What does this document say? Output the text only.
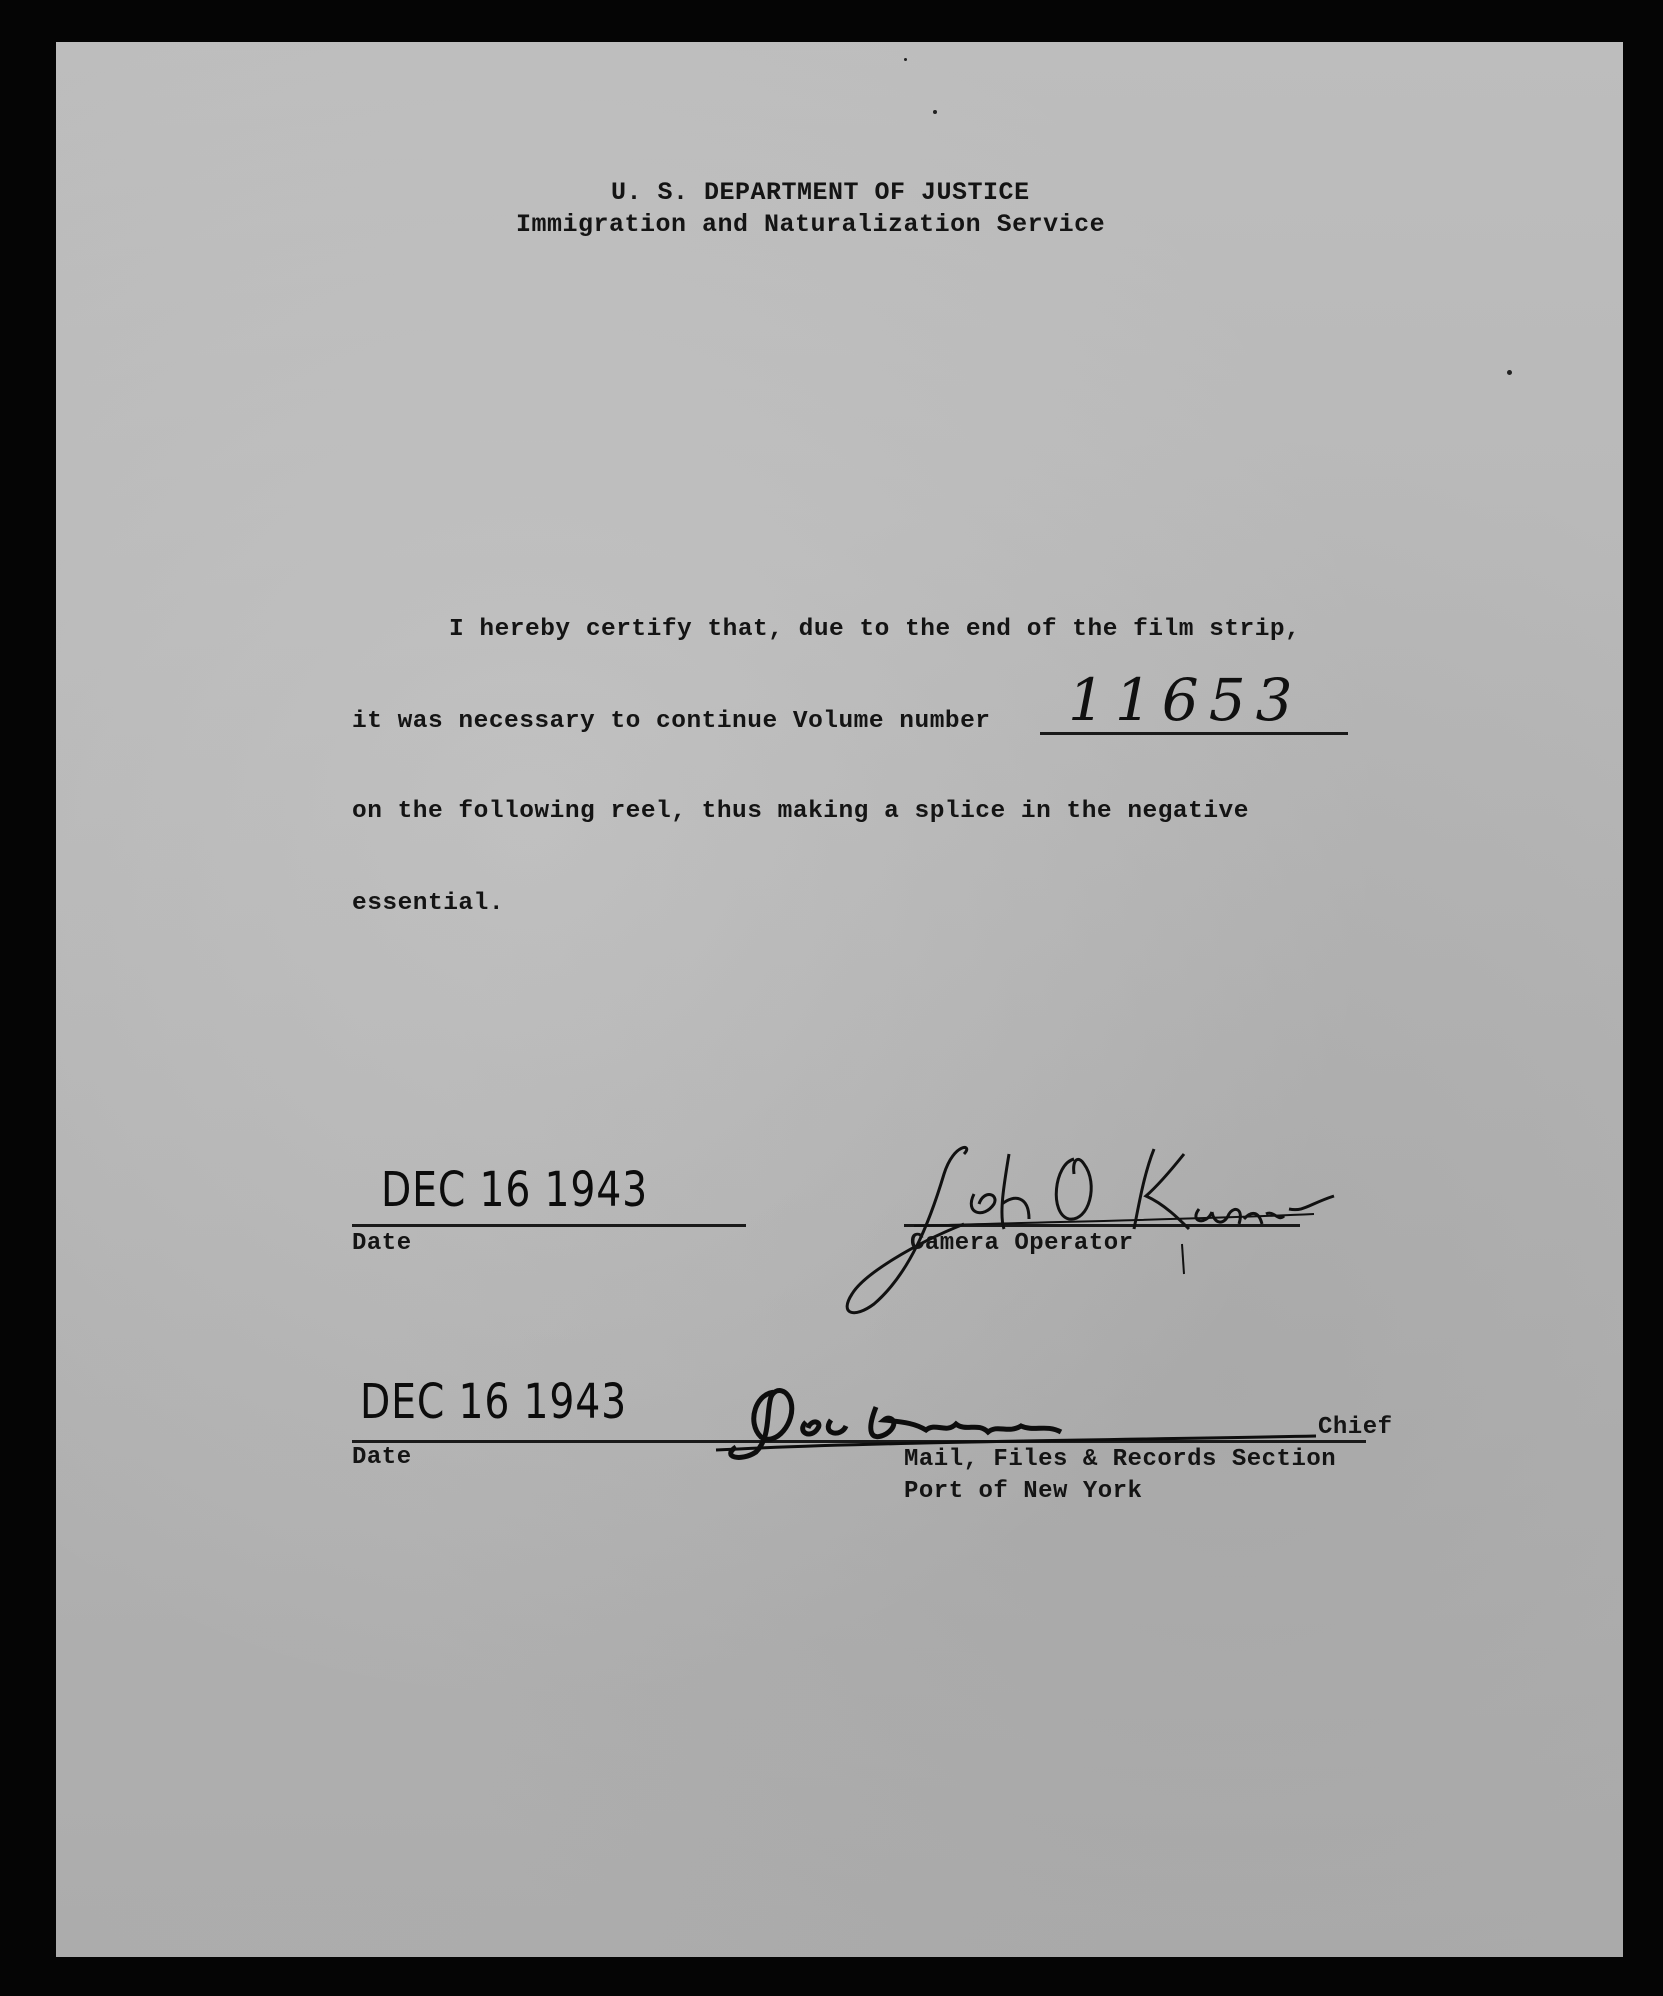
U. S. DEPARTMENT OF JUSTICE
Immigration and Naturalization Service
I hereby certify that, due to the end of the film strip,
it was necessary to continue Volume number 11653
on the following reel, thus making a splice in the negative
essential.
DEC 16 1943
Date	Camera Operator
DEC 16 1943
Date
Chief
Mail, Files & Records Section
Port of New York
